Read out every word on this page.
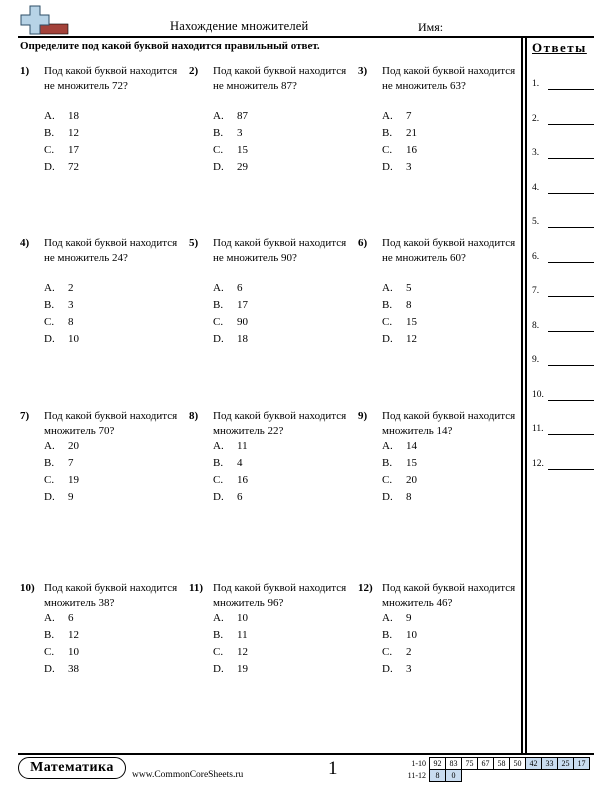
Нахождение множителей	Имя:
Определите под какой буквой находится правильный ответ.	Ответы
1.
2.
3.
4.
5.
6.
7.
8.
9.
10.
11.
12.
1) Под какой буквой находится не множитель 72?
A. 18
B. 12
C. 17
D. 72
2) Под какой буквой находится не множитель 87?
A. 87
B. 3
C. 15
D. 29
3) Под какой буквой находится не множитель 63?
A. 7
B. 21
C. 16
D. 3
4) Под какой буквой находится не множитель 24?
A. 2
B. 3
C. 8
D. 10
5) Под какой буквой находится не множитель 90?
A. 6
B. 17
C. 90
D. 18
6) Под какой буквой находится не множитель 60?
A. 5
B. 8
C. 15
D. 12
7) Под какой буквой находится множитель 70?
A. 20
B. 7
C. 19
D. 9
8) Под какой буквой находится множитель 22?
A. 11
B. 4
C. 16
D. 6
9) Под какой буквой находится множитель 14?
A. 14
B. 15
C. 20
D. 8
10) Под какой буквой находится множитель 38?
A. 6
B. 12
C. 10
D. 38
11) Под какой буквой находится множитель 96?
A. 10
B. 11
C. 12
D. 19
12) Под какой буквой находится множитель 46?
A. 9
B. 10
C. 2
D. 3
Математика	www.CommonCoreSheets.ru	1	1-10	92	83	75	67	58	50	42	33	25	17
11-12	8	0								
